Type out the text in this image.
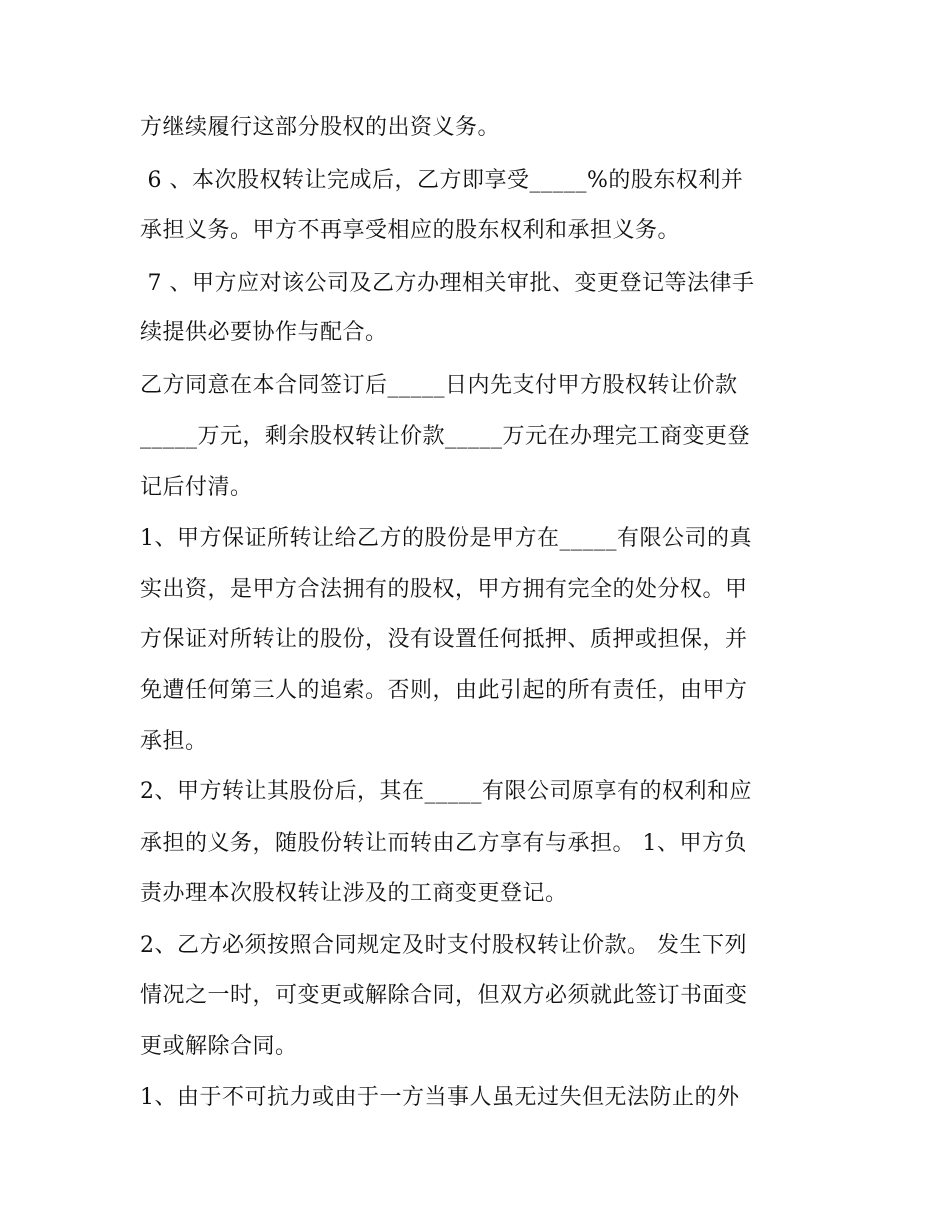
方继续履行这部分股权的出资义务。
6 、本次股权转让完成后，乙方即享受_____%的股东权利并
承担义务。甲方不再享受相应的股东权利和承担义务。
7 、甲方应对该公司及乙方办理相关审批、变更登记等法律手
续提供必要协作与配合。
乙方同意在本合同签订后_____日内先支付甲方股权转让价款
_____万元，剩余股权转让价款_____万元在办理完工商变更登
记后付清。
1、甲方保证所转让给乙方的股份是甲方在_____有限公司的真
实出资，是甲方合法拥有的股权，甲方拥有完全的处分权。甲
方保证对所转让的股份，没有设置任何抵押、质押或担保，并
免遭任何第三人的追索。否则，由此引起的所有责任，由甲方
承担。
2、甲方转让其股份后，其在_____有限公司原享有的权利和应
承担的义务，随股份转让而转由乙方享有与承担。 1、甲方负
责办理本次股权转让涉及的工商变更登记。
2、乙方必须按照合同规定及时支付股权转让价款。 发生下列
情况之一时，可变更或解除合同，但双方必须就此签订书面变
更或解除合同。
1、由于不可抗力或由于一方当事人虽无过失但无法防止的外
